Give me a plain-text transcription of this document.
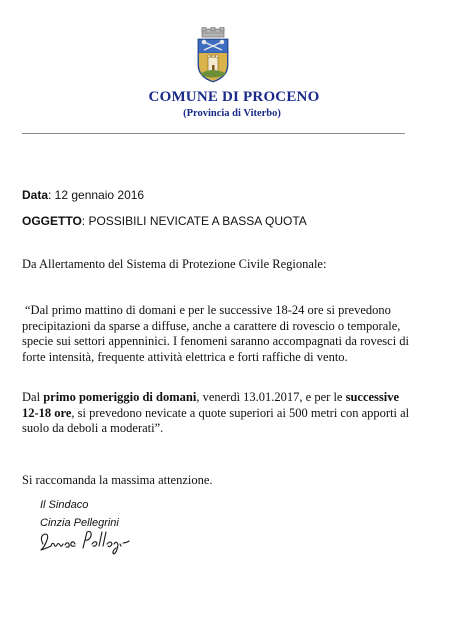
COMUNE DI PROCENO
(Provincia di Viterbo)
Data: 12 gennaio 2016
OGGETTO: POSSIBILI NEVICATE A BASSA QUOTA
Da Allertamento del Sistema di Protezione Civile Regionale:
“Dal primo mattino di domani e per le successive 18-24 ore si prevedono precipitazioni da sparse a diffuse, anche a carattere di rovescio o temporale, specie sui settori appenninici. I fenomeni saranno accompagnati da rovesci di forte intensità, frequente attività elettrica e forti raffiche di vento.
Dal primo pomeriggio di domani, venerdì 13.01.2017, e per le successive 12-18 ore, si prevedono nevicate a quote superiori ai 500 metri con apporti al suolo da deboli a moderati”.
Si raccomanda la massima attenzione.
Il Sindaco
Cinzia Pellegrini
